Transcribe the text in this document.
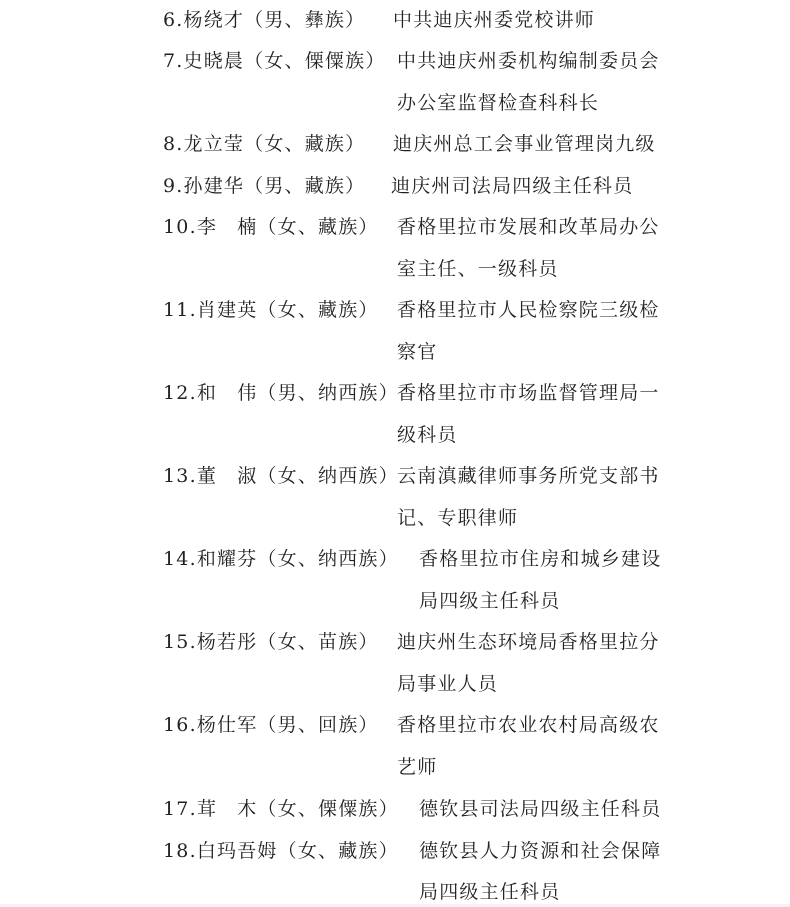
6.杨绕才（男、彝族） 中共迪庆州委党校讲师
7.史晓晨（女、傈僳族） 中共迪庆州委机构编制委员会
办公室监督检查科科长
8.龙立莹（女、藏族） 迪庆州总工会事业管理岗九级
9.孙建华（男、藏族） 迪庆州司法局四级主任科员
10.李　楠（女、藏族） 香格里拉市发展和改革局办公
室主任、一级科员
11.肖建英（女、藏族） 香格里拉市人民检察院三级检
察官
12.和　伟（男、纳西族）
香格里拉市市场监督管理局一
级科员
13.董　淑（女、纳西族）
云南滇藏律师事务所党支部书
记、专职律师
14.和耀芬（女、纳西族） 香格里拉市住房和城乡建设
局四级主任科员
15.杨若彤（女、苗族） 迪庆州生态环境局香格里拉分
局事业人员
16.杨仕军（男、回族） 香格里拉市农业农村局高级农
艺师
17.茸　木（女、傈僳族） 德钦县司法局四级主任科员
18.白玛吾姆（女、藏族） 德钦县人力资源和社会保障
局四级主任科员
